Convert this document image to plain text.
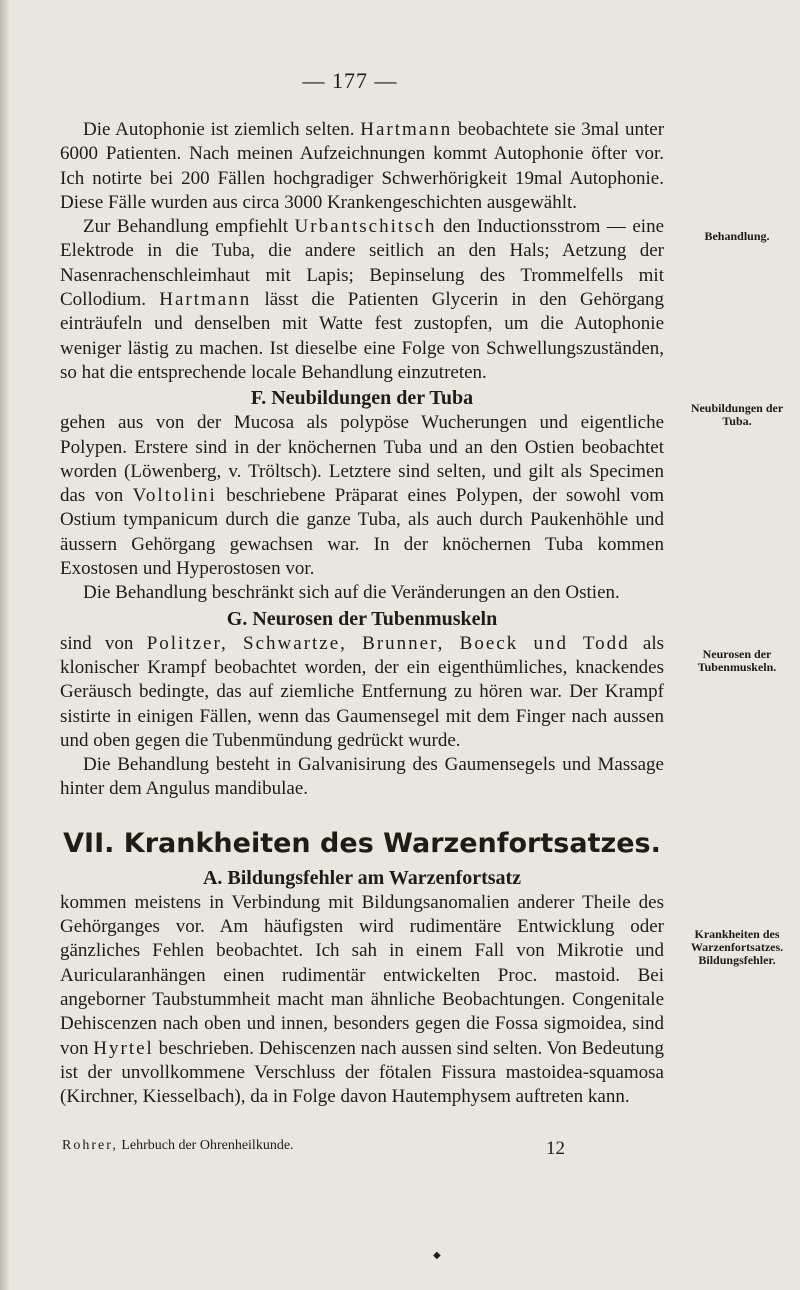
— 177 —

Die Autophonie ist ziemlich selten. Hartmann beobachtete sie 3mal unter 6000 Patienten. Nach meinen Aufzeichnungen kommt Autophonie öfter vor. Ich notirte bei 200 Fällen hochgradiger Schwerhörigkeit 19mal Autophonie. Diese Fälle wurden aus circa 3000 Krankengeschichten ausgewählt.

Zur Behandlung empfiehlt Urbantschitsch den Inductionsstrom — eine Elektrode in die Tuba, die andere seitlich an den Hals; Aetzung der Nasenrachenschleimhaut mit Lapis; Bepinselung des Trommelfells mit Collodium. Hartmann lässt die Patienten Glycerin in den Gehörgang einträufeln und denselben mit Watte fest zustopfen, um die Autophonie weniger lästig zu machen. Ist dieselbe eine Folge von Schwellungszuständen, so hat die entsprechende locale Behandlung einzutreten.

F. Neubildungen der Tuba

gehen aus von der Mucosa als polypöse Wucherungen und eigentliche Polypen. Erstere sind in der knöchernen Tuba und an den Ostien beobachtet worden (Löwenberg, v. Tröltsch). Letztere sind selten, und gilt als Specimen das von Voltolini beschriebene Präparat eines Polypen, der sowohl vom Ostium tympanicum durch die ganze Tuba, als auch durch Paukenhöhle und äussern Gehörgang gewachsen war. In der knöchernen Tuba kommen Exostosen und Hyperostosen vor.

Die Behandlung beschränkt sich auf die Veränderungen an den Ostien.

G. Neurosen der Tubenmuskeln

sind von Politzer, Schwartze, Brunner, Boeck und Todd als klonischer Krampf beobachtet worden, der ein eigenthümliches, knackendes Geräusch bedingte, das auf ziemliche Entfernung zu hören war. Der Krampf sistirte in einigen Fällen, wenn das Gaumensegel mit dem Finger nach aussen und oben gegen die Tubenmündung gedrückt wurde.

Die Behandlung besteht in Galvanisirung des Gaumensegels und Massage hinter dem Angulus mandibulae.

VII. Krankheiten des Warzenfortsatzes.

A. Bildungsfehler am Warzenfortsatz

kommen meistens in Verbindung mit Bildungsanomalien anderer Theile des Gehörganges vor. Am häufigsten wird rudimentäre Entwicklung oder gänzliches Fehlen beobachtet. Ich sah in einem Fall von Mikrotie und Auricularanhängen einen rudimentär entwickelten Proc. mastoid. Bei angeborner Taubstummheit macht man ähnliche Beobachtungen. Congenitale Dehiscenzen nach oben und innen, besonders gegen die Fossa sigmoidea, sind von Hyrtel beschrieben. Dehiscenzen nach aussen sind selten. Von Bedeutung ist der unvollkommene Verschluss der fötalen Fissura mastoidea-squamosa (Kirchner, Kiesselbach), da in Folge davon Hautemphysem auftreten kann.

Behandlung.
Neubildungen der Tuba.
Neurosen der Tubenmuskeln.
Krankheiten des Warzenfortsatzes. Bildungsfehler.
Rohrer, Lehrbuch der Ohrenheilkunde.	12
◆
